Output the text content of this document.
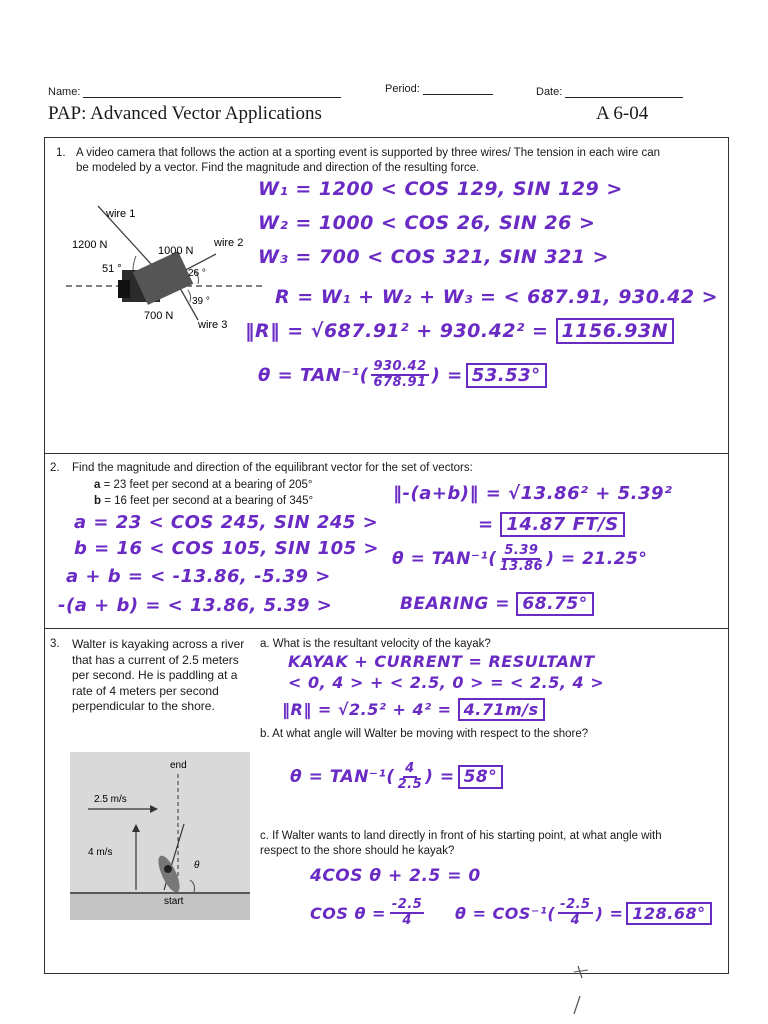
Name:	Period:	Date:
PAP: Advanced Vector Applications	A 6-04
1. A video camera that follows the action at a sporting event is supported by three wires/ The tension in each wire can be modeled by a vector. Find the magnitude and direction of the resulting force.
wire 1
wire 2
wire 3
1200 N	1000 N
700 N
51 °	26 °
39 °
W₁ = 1200 < COS 129, SIN 129 >
W₂ = 1000 < COS 26, SIN 26 >
W₃ = 700 < COS 321, SIN 321 >
R = W₁ + W₂ + W₃ = < 687.91, 930.42 >
‖R‖ = √687.91² + 930.42² = 1156.93N
$\theta = TAN^{-1}( \frac{930.42}{678.91}$ ) = 53.53°
2. Find the magnitude and direction of the equilibrant vector for the set of vectors:
a = 23 feet per second at a bearing of 205°
b = 16 feet per second at a bearing of 345°
a = 23 < COS 245, SIN 245 >
b = 16 < COS 105, SIN 105 >
a + b = < -13.86, -5.39 >
-(a + b) = < 13.86, 5.39 >
‖-(a+b)‖ = √13.86² + 5.39²
= 14.87 FT/S
$\theta = TAN^{-1}( \frac{5.39}{13.86}$ ) = 21.25°
BEARING = 68.75°
3. Walter is kayaking across a river that has a current of 2.5 meters per second. He is paddling at a rate of 4 meters per second perpendicular to the shore.
a. What is the resultant velocity of the kayak?
KAYAK + CURRENT = RESULTANT
< 0, 4 > + < 2.5, 0 > = < 2.5, 4 >
‖R‖ = √2.5² + 4² = 4.71m/s
b. At what angle will Walter be moving with respect to the shore?
$\theta = TAN^{-1}( \frac{4}{2.5}$ ) = 58°
c. If Walter wants to land directly in front of his starting point, at what angle with respect to the shore should he kayak?
4COS θ + 2.5 = 0
COS $\theta = \frac{-2.5}{4}$ $\theta = COS^{-1}( \frac{-2.5}{4}$ ) = 128.68°
end
2.5 m/s
4 m/s
θ
start
